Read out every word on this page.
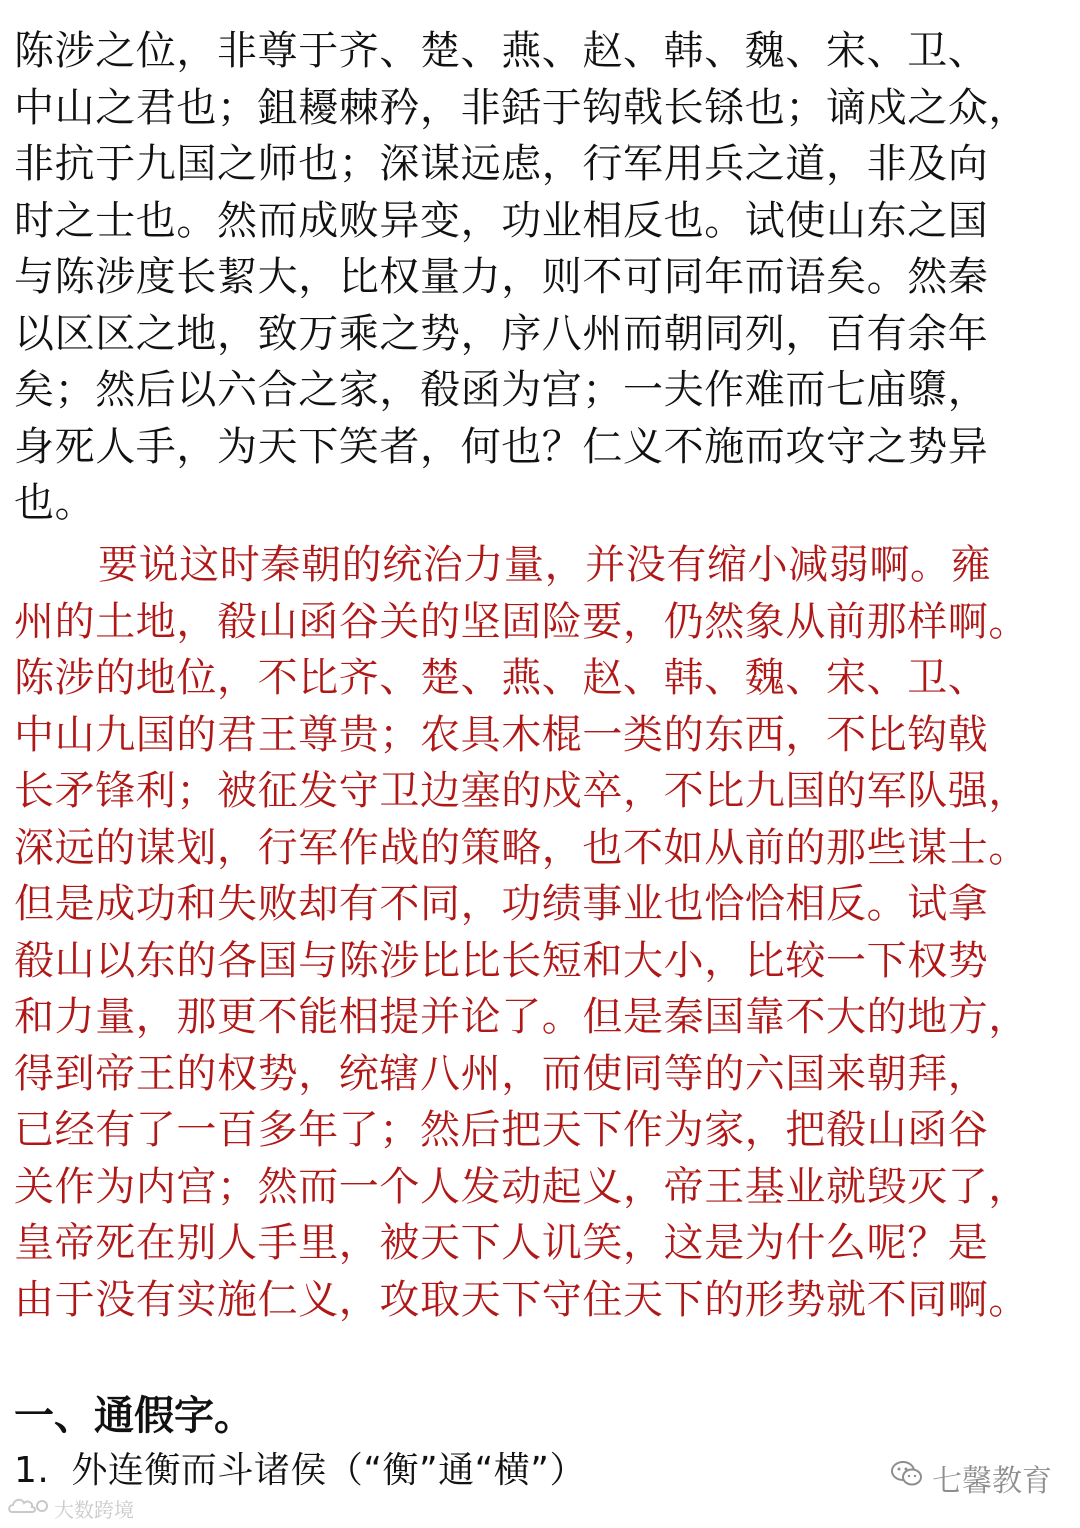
陈涉之位，非尊于齐、楚、燕、赵、韩、魏、宋、卫、
中山之君也；鉏耰棘矜，非銛于钩戟长铩也；谪戍之众，
非抗于九国之师也；深谋远虑，行军用兵之道，非及向
时之士也。然而成败异变，功业相反也。试使山东之国
与陈涉度长絜大，比权量力，则不可同年而语矣。然秦
以区区之地，致万乘之势，序八州而朝同列，百有余年
矣；然后以六合之家，殽函为宫；一夫作难而七庙隳，
身死人手，为天下笑者，何也？仁义不施而攻守之势异
也。
要说这时秦朝的统治力量，并没有缩小减弱啊。雍
州的土地，殽山函谷关的坚固险要，仍然象从前那样啊。
陈涉的地位，不比齐、楚、燕、赵、韩、魏、宋、卫、
中山九国的君王尊贵；农具木棍一类的东西，不比钩戟
长矛锋利；被征发守卫边塞的戍卒，不比九国的军队强，
深远的谋划，行军作战的策略，也不如从前的那些谋士。
但是成功和失败却有不同，功绩事业也恰恰相反。试拿
殽山以东的各国与陈涉比比长短和大小，比较一下权势
和力量，那更不能相提并论了。但是秦国靠不大的地方，
得到帝王的权势，统辖八州，而使同等的六国来朝拜，
已经有了一百多年了；然后把天下作为家，把殽山函谷
关作为内宫；然而一个人发动起义，帝王基业就毁灭了，
皇帝死在别人手里，被天下人讥笑，这是为什么呢？是
由于没有实施仁义，攻取天下守住天下的形势就不同啊。
一、通假字。
1. 外连衡而斗诸侯（“衡”通“横”）	七馨教育
大数跨境
